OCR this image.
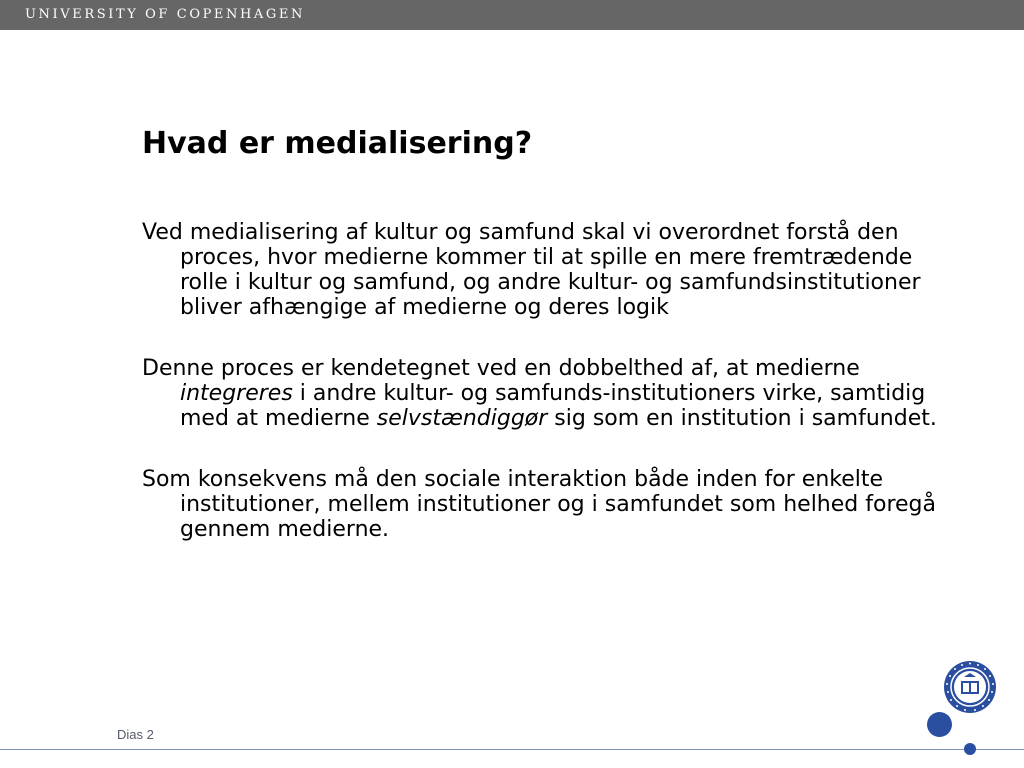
UNIVERSITY OF COPENHAGEN
Hvad er medialisering?

Ved medialisering af kultur og samfund skal vi overordnet forstå den proces, hvor medierne kommer til at spille en mere fremtrædende rolle i kultur og samfund, og andre kultur- og samfundsinstitutioner bliver afhængige af medierne og deres logik

Denne proces er kendetegnet ved en dobbelthed af, at medierne integreres i andre kultur- og samfunds-institutioners virke, samtidig med at medierne selvstændiggør sig som en institution i samfundet.

Som konsekvens må den sociale interaktion både inden for enkelte institutioner, mellem institutioner og i samfundet som helhed foregå gennem medierne.

Dias 2
